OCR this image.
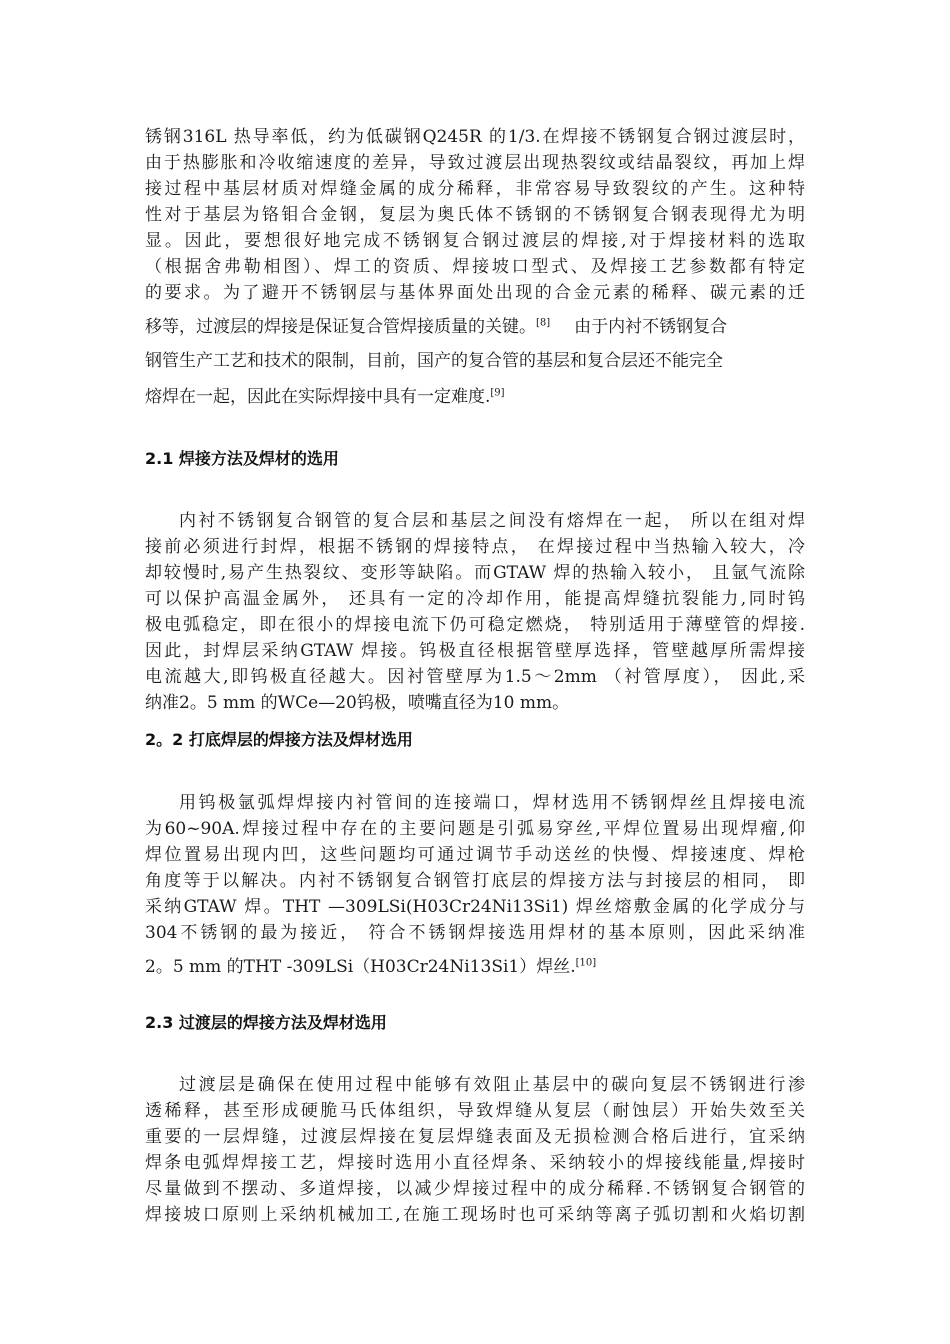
锈钢316L 热导率低，约为低碳钢Q245R 的1/3.在焊接不锈钢复合钢过渡层时，
由于热膨胀和冷收缩速度的差异，导致过渡层出现热裂纹或结晶裂纹，再加上焊
接过程中基层材质对焊缝金属的成分稀释，非常容易导致裂纹的产生。这种特
性对于基层为铬钼合金钢，复层为奥氏体不锈钢的不锈钢复合钢表现得尤为明
显。因此，要想很好地完成不锈钢复合钢过渡层的焊接,对于焊接材料的选取
（根据舍弗勒相图）、焊工的资质、焊接坡口型式、及焊接工艺参数都有特定
的要求。为了避开不锈钢层与基体界面处出现的合金元素的稀释、碳元素的迁
移等，过渡层的焊接是保证复合管焊接质量的关键。[8] 由于内衬不锈钢复合
钢管生产工艺和技术的限制，目前，国产的复合管的基层和复合层还不能完全
熔焊在一起，因此在实际焊接中具有一定难度.[9]
2.1 焊接方法及焊材的选用
内衬不锈钢复合钢管的复合层和基层之间没有熔焊在一起， 所以在组对焊
接前必须进行封焊，根据不锈钢的焊接特点， 在焊接过程中当热输入较大，冷
却较慢时,易产生热裂纹、变形等缺陷。而GTAW 焊的热输入较小， 且氩气流除
可以保护高温金属外， 还具有一定的冷却作用，能提高焊缝抗裂能力,同时钨
极电弧稳定，即在很小的焊接电流下仍可稳定燃烧， 特别适用于薄壁管的焊接.
因此，封焊层采纳GTAW 焊接。钨极直径根据管壁厚选择，管壁越厚所需焊接
电流越大,即钨极直径越大。因衬管壁厚为1.5～2mm （衬管厚度）， 因此,采
纳准2。5 mm 的WCe—20钨极，喷嘴直径为10 mm。
2。2 打底焊层的焊接方法及焊材选用
用钨极氩弧焊焊接内衬管间的连接端口，焊材选用不锈钢焊丝且焊接电流
为60~90A.焊接过程中存在的主要问题是引弧易穿丝,平焊位置易出现焊瘤,仰
焊位置易出现内凹，这些问题均可通过调节手动送丝的快慢、焊接速度、焊枪
角度等于以解决。内衬不锈钢复合钢管打底层的焊接方法与封接层的相同， 即
采纳GTAW 焊。THT —309LSi(H03Cr24Ni13Si1) 焊丝熔敷金属的化学成分与
304不锈钢的最为接近， 符合不锈钢焊接选用焊材的基本原则，因此采纳准
2。5 mm 的THT -309LSi（H03Cr24Ni13Si1）焊丝.[10]
2.3 过渡层的焊接方法及焊材选用
过渡层是确保在使用过程中能够有效阻止基层中的碳向复层不锈钢进行渗
透稀释，甚至形成硬脆马氏体组织，导致焊缝从复层（耐蚀层）开始失效至关
重要的一层焊缝，过渡层焊接在复层焊缝表面及无损检测合格后进行，宜采纳
焊条电弧焊焊接工艺，焊接时选用小直径焊条、采纳较小的焊接线能量,焊接时
尽量做到不摆动、多道焊接，以减少焊接过程中的成分稀释.不锈钢复合钢管的
焊接坡口原则上采纳机械加工,在施工现场时也可采纳等离子弧切割和火焰切割
